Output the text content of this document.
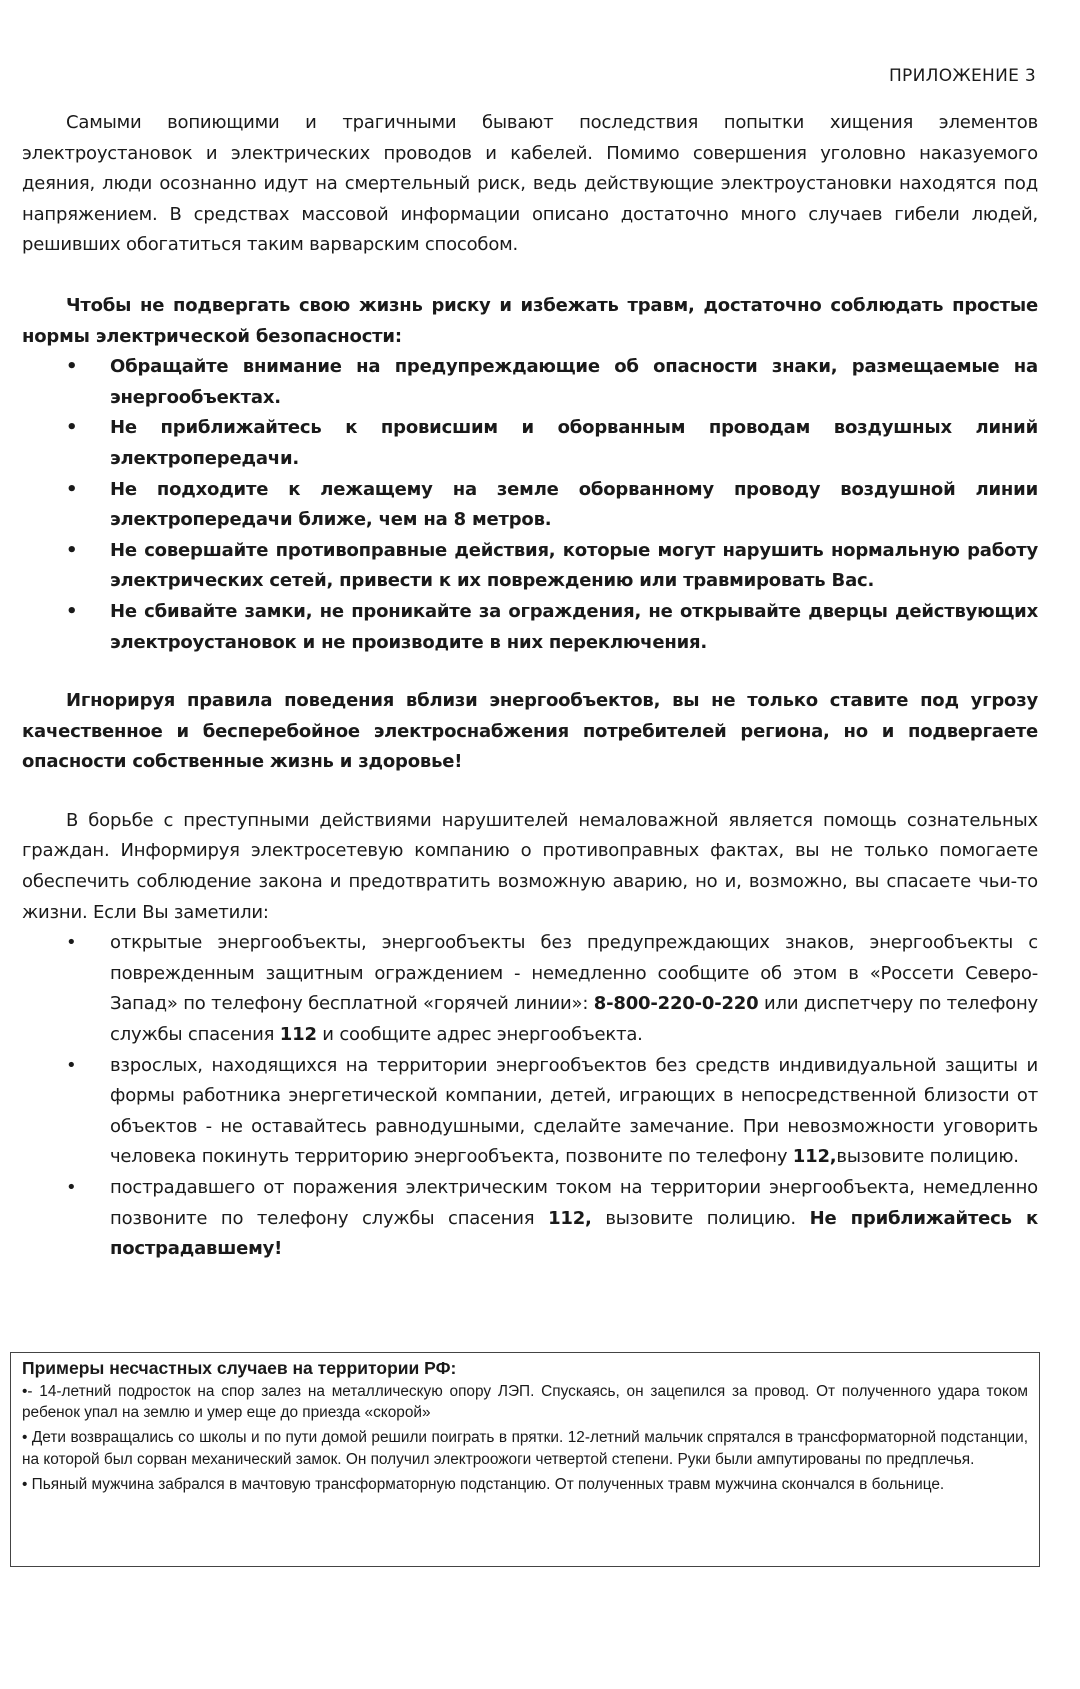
ПРИЛОЖЕНИЕ 3

Самыми вопиющими и трагичными бывают последствия попытки хищения элементов электроустановок и электрических проводов и кабелей. Помимо совершения уголовно наказуемого деяния, люди осознанно идут на смертельный риск, ведь действующие электроустановки находятся под напряжением. В средствах массовой информации описано достаточно много случаев гибели людей, решивших обогатиться таким варварским способом.

Чтобы не подвергать свою жизнь риску и избежать травм, достаточно соблюдать простые нормы электрической безопасности:

•	Обращайте внимание на предупреждающие об опасности знаки, размещаемые на энергообъектах.
•	Не приближайтесь к провисшим и оборванным проводам воздушных линий электропередачи.
•	Не подходите к лежащему на земле оборванному проводу воздушной линии электропередачи ближе, чем на 8 метров.
•	Не совершайте противоправные действия, которые могут нарушить нормальную работу электрических сетей, привести к их повреждению или травмировать Вас.
•	Не сбивайте замки, не проникайте за ограждения, не открывайте дверцы действующих электроустановок и не производите в них переключения.

Игнорируя правила поведения вблизи энергообъектов, вы не только ставите под угрозу качественное и бесперебойное электроснабжения потребителей региона, но и подвергаете опасности собственные жизнь и здоровье!

В борьбе с преступными действиями нарушителей немаловажной является помощь сознательных граждан. Информируя электросетевую компанию о противоправных фактах, вы не только помогаете обеспечить соблюдение закона и предотвратить возможную аварию, но и, возможно, вы спасаете чьи-то жизни. Если Вы заметили:

•	открытые энергообъекты, энергообъекты без предупреждающих знаков, энергообъекты с поврежденным защитным ограждением - немедленно сообщите об этом в «Россети Северо-Запад» по телефону бесплатной «горячей линии»: 8-800-220-0-220 или диспетчеру по телефону службы спасения 112 и сообщите адрес энергообъекта.
•	взрослых, находящихся на территории энергообъектов без средств индивидуальной защиты и формы работника энергетической компании, детей, играющих в непосредственной близости от объектов - не оставайтесь равнодушными, сделайте замечание. При невозможности уговорить человека покинуть территорию энергообъекта, позвоните по телефону 112,вызовите полицию.
•	пострадавшего от поражения электрическим током на территории энергообъекта, немедленно позвоните по телефону службы спасения 112, вызовите полицию. Не приближайтесь к пострадавшему!

Примеры несчастных случаев на территории РФ:

•- 14-летний подросток на спор залез на металлическую опору ЛЭП. Спускаясь, он зацепился за провод. От полученного удара током ребенок упал на землю и умер еще до приезда «скорой»

• Дети возвращались со школы и по пути домой решили поиграть в прятки. 12-летний мальчик спрятался в трансформаторной подстанции, на которой был сорван механический замок. Он получил электроожоги четвертой степени. Руки были ампутированы по предплечья.

• Пьяный мужчина забрался в мачтовую трансформаторную подстанцию. От полученных травм мужчина скончался в больнице.
